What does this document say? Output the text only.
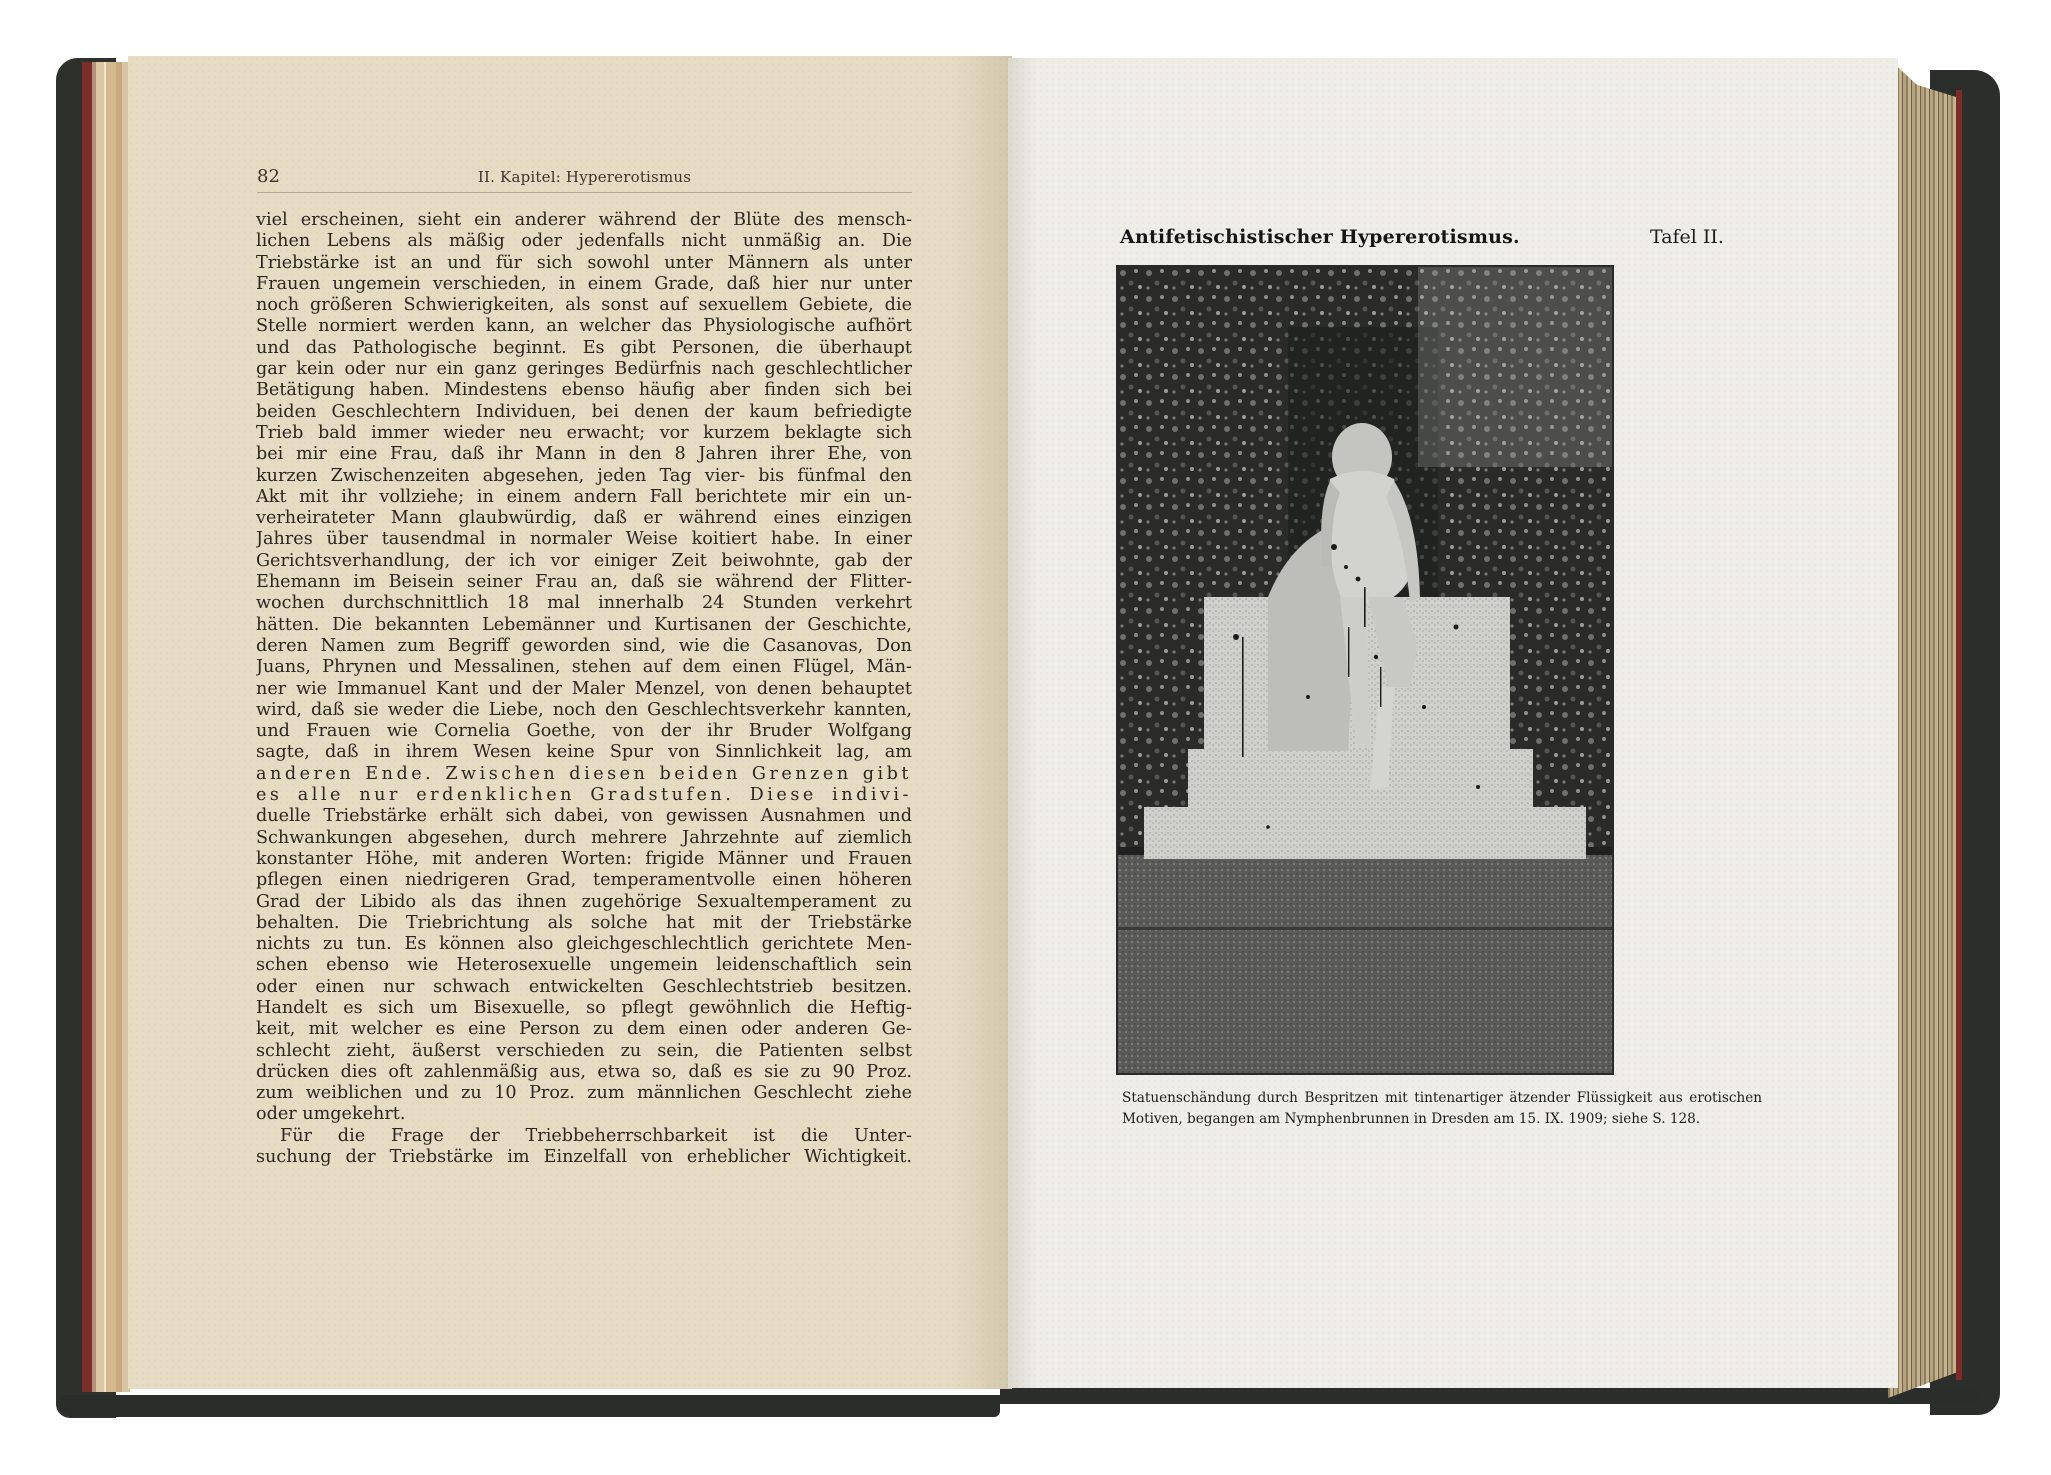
82	II. Kapitel: Hypererotismus
viel erscheinen, sieht ein anderer während der Blüte des mensch-
lichen Lebens als mäßig oder jedenfalls nicht unmäßig an. Die
Triebstärke ist an und für sich sowohl unter Männern als unter
Frauen ungemein verschieden, in einem Grade, daß hier nur unter
noch größeren Schwierigkeiten, als sonst auf sexuellem Gebiete, die
Stelle normiert werden kann, an welcher das Physiologische aufhört
und das Pathologische beginnt. Es gibt Personen, die überhaupt
gar kein oder nur ein ganz geringes Bedürfnis nach geschlechtlicher
Betätigung haben. Mindestens ebenso häufig aber finden sich bei
beiden Geschlechtern Individuen, bei denen der kaum befriedigte
Trieb bald immer wieder neu erwacht; vor kurzem beklagte sich
bei mir eine Frau, daß ihr Mann in den 8 Jahren ihrer Ehe, von
kurzen Zwischenzeiten abgesehen, jeden Tag vier- bis fünfmal den
Akt mit ihr vollziehe; in einem andern Fall berichtete mir ein un-
verheirateter Mann glaubwürdig, daß er während eines einzigen
Jahres über tausendmal in normaler Weise koitiert habe. In einer
Gerichtsverhandlung, der ich vor einiger Zeit beiwohnte, gab der
Ehemann im Beisein seiner Frau an, daß sie während der Flitter-
wochen durchschnittlich 18 mal innerhalb 24 Stunden verkehrt
hätten. Die bekannten Lebemänner und Kurtisanen der Geschichte,
deren Namen zum Begriff geworden sind, wie die Casanovas, Don
Juans, Phrynen und Messalinen, stehen auf dem einen Flügel, Män-
ner wie Immanuel Kant und der Maler Menzel, von denen behauptet
wird, daß sie weder die Liebe, noch den Geschlechtsverkehr kannten,
und Frauen wie Cornelia Goethe, von der ihr Bruder Wolfgang
sagte, daß in ihrem Wesen keine Spur von Sinnlichkeit lag, am
anderen Ende. Zwischen diesen beiden Grenzen gibt
es alle nur erdenklichen Gradstufen. Diese indivi-
duelle Triebstärke erhält sich dabei, von gewissen Ausnahmen und
Schwankungen abgesehen, durch mehrere Jahrzehnte auf ziemlich
konstanter Höhe, mit anderen Worten: frigide Männer und Frauen
pflegen einen niedrigeren Grad, temperamentvolle einen höheren
Grad der Libido als das ihnen zugehörige Sexualtemperament zu
behalten. Die Triebrichtung als solche hat mit der Triebstärke
nichts zu tun. Es können also gleichgeschlechtlich gerichtete Men-
schen ebenso wie Heterosexuelle ungemein leidenschaftlich sein
oder einen nur schwach entwickelten Geschlechtstrieb besitzen.
Handelt es sich um Bisexuelle, so pflegt gewöhnlich die Heftig-
keit, mit welcher es eine Person zu dem einen oder anderen Ge-
schlecht zieht, äußerst verschieden zu sein, die Patienten selbst
drücken dies oft zahlenmäßig aus, etwa so, daß es sie zu 90 Proz.
zum weiblichen und zu 10 Proz. zum männlichen Geschlecht ziehe
oder umgekehrt.
Für die Frage der Triebbeherrschbarkeit ist die Unter-
suchung der Triebstärke im Einzelfall von erheblicher Wichtigkeit.
Antifetischistischer Hypererotismus.	Tafel II.
Statuenschändung durch Bespritzen mit tintenartiger ätzender Flüssigkeit aus erotischen
Motiven, begangen am Nymphenbrunnen in Dresden am 15. IX. 1909; siehe S. 128.
